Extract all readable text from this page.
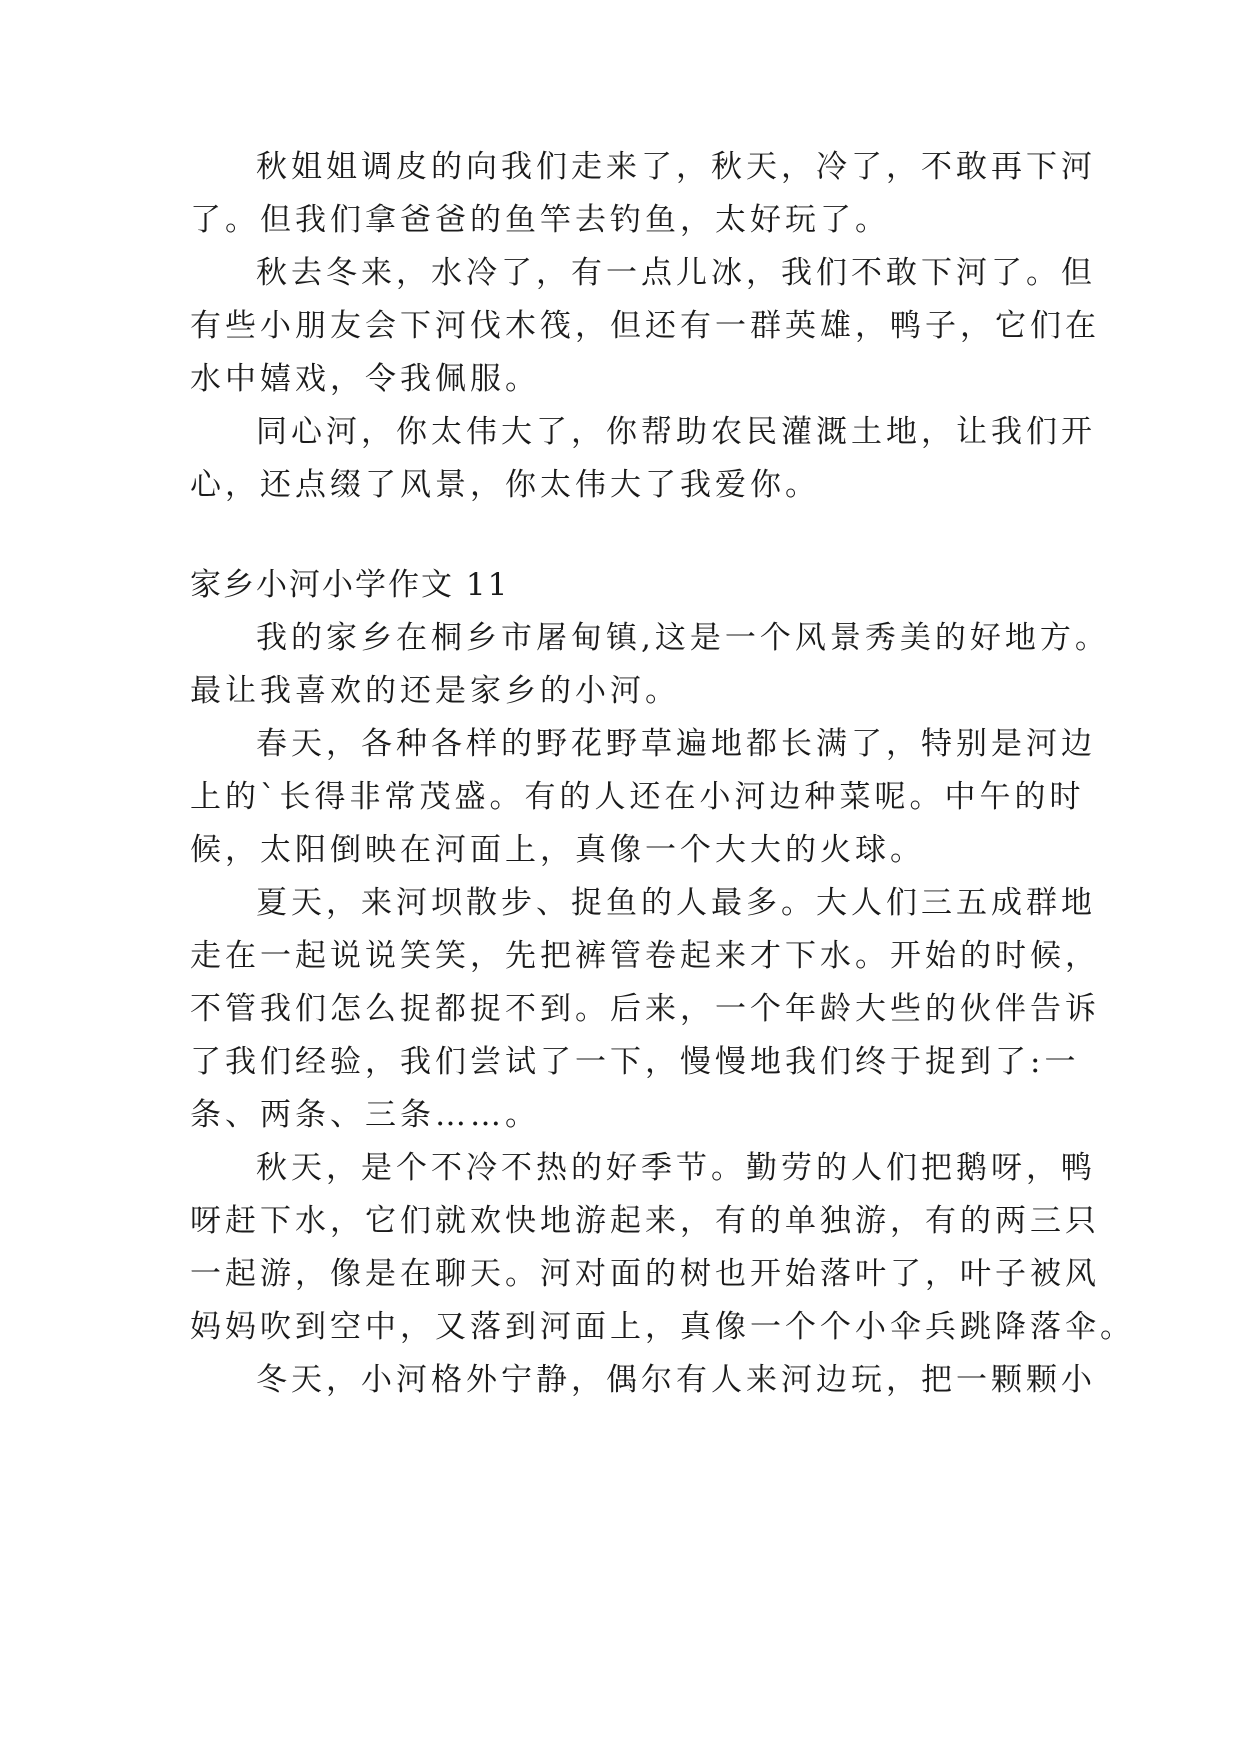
秋姐姐调皮的向我们走来了，秋天，冷了，不敢再下河
了。但我们拿爸爸的鱼竿去钓鱼，太好玩了。
秋去冬来，水冷了，有一点儿冰，我们不敢下河了。但
有些小朋友会下河伐木筏，但还有一群英雄，鸭子，它们在
水中嬉戏，令我佩服。
同心河，你太伟大了，你帮助农民灌溉土地，让我们开
心，还点缀了风景，你太伟大了我爱你。
家乡小河小学作文 11
我的家乡在桐乡市屠甸镇,这是一个风景秀美的好地方。
最让我喜欢的还是家乡的小河。
春天，各种各样的野花野草遍地都长满了，特别是河边
上的`长得非常茂盛。有的人还在小河边种菜呢。中午的时
候，太阳倒映在河面上，真像一个大大的火球。
夏天，来河坝散步、捉鱼的人最多。大人们三五成群地
走在一起说说笑笑，先把裤管卷起来才下水。开始的时候，
不管我们怎么捉都捉不到。后来，一个年龄大些的伙伴告诉
了我们经验，我们尝试了一下，慢慢地我们终于捉到了:一
条、两条、三条……。
秋天，是个不冷不热的好季节。勤劳的人们把鹅呀，鸭
呀赶下水，它们就欢快地游起来，有的单独游，有的两三只
一起游，像是在聊天。河对面的树也开始落叶了，叶子被风
妈妈吹到空中，又落到河面上，真像一个个小伞兵跳降落伞。
冬天，小河格外宁静，偶尔有人来河边玩，把一颗颗小
